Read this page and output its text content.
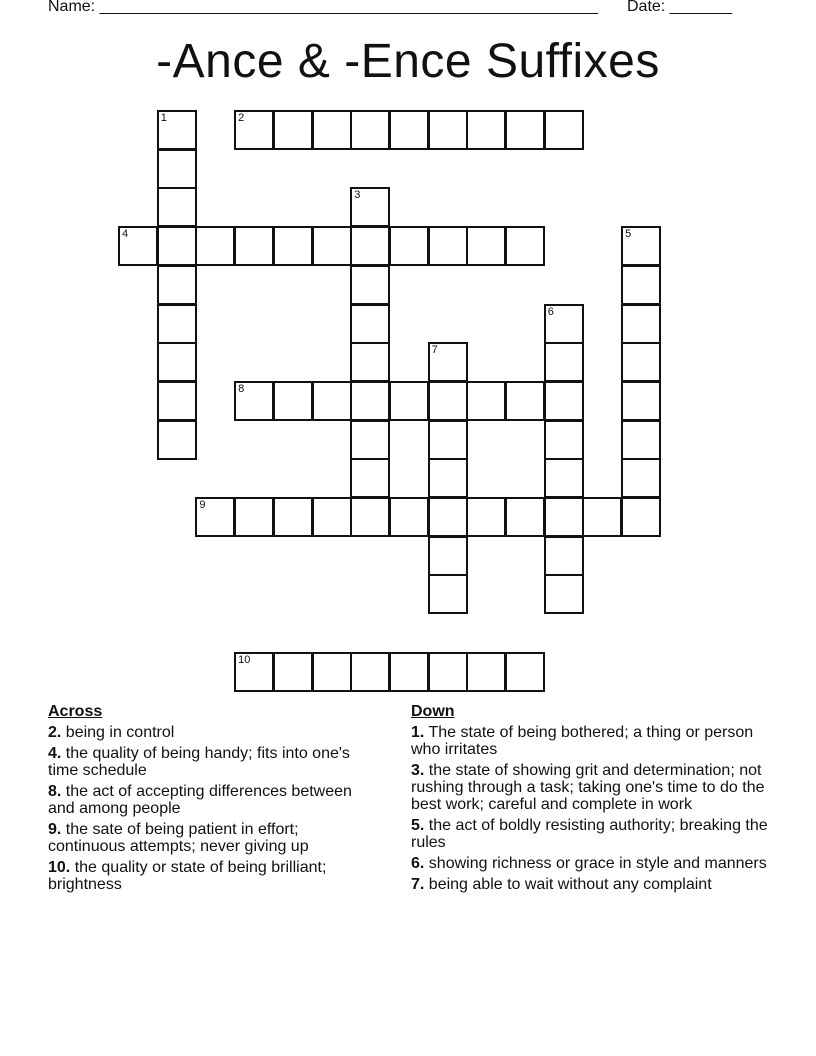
Name: ________________________________________________________ Date: _______
-Ance & -Ence Suffixes
1	2
3
4	5
6
7
8
9
10
Across

2. being in control

4. the quality of being handy; fits into one's time schedule

8. the act of accepting differences between and among people

9. the sate of being patient in effort; continuous attempts; never giving up

10. the quality or state of being brilliant; brightness

Down

1. The state of being bothered; a thing or person who irritates

3. the state of showing grit and determination; not rushing through a task; taking one's time to do the best work; careful and complete in work

5. the act of boldly resisting authority; breaking the rules

6. showing richness or grace in style and manners

7. being able to wait without any complaint
